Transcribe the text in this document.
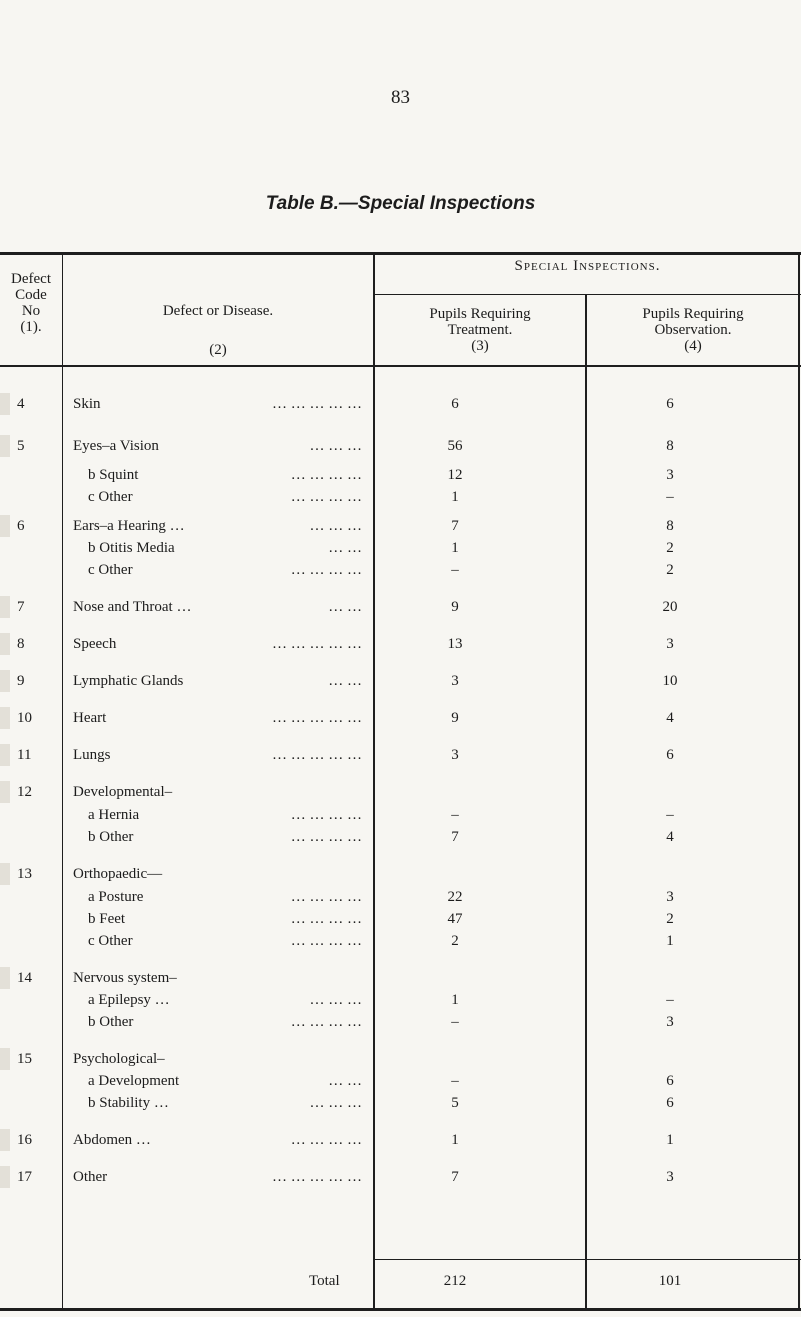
83
Table B.—Special Inspections
Special Inspections.
Defect Code No
(1).
Defect or Disease.
(2)
Pupils Requiring Treatment.
(3)
Pupils Requiring Observation.
(4)
4	Skin	… … … … …	6	6
5	Eyes–a Vision	… … …	56	8
b Squint	… … … …	12	3
c Other	… … … …	1	–
6	Ears–a Hearing …	… … …	7	8
b Otitis Media	… …	1	2
c Other	… … … …	–	2
7	Nose and Throat …	… …	9	20
8	Speech	… … … … …	13	3
9	Lymphatic Glands	… …	3	10
10	Heart	… … … … …	9	4
11	Lungs	… … … … …	3	6
12	Developmental–
a Hernia	… … … …	–	–
b Other	… … … …	7	4
13	Orthopaedic—
a Posture	… … … …	22	3
b Feet	… … … …	47	2
c Other	… … … …	2	1
14	Nervous system–
a Epilepsy …	… … …	1	–
b Other	… … … …	–	3
15	Psychological–
a Development	… …	–	6
b Stability …	… … …	5	6
16	Abdomen …	… … … …	1	1
17	Other	… … … … …	7	3
Total	212	101
